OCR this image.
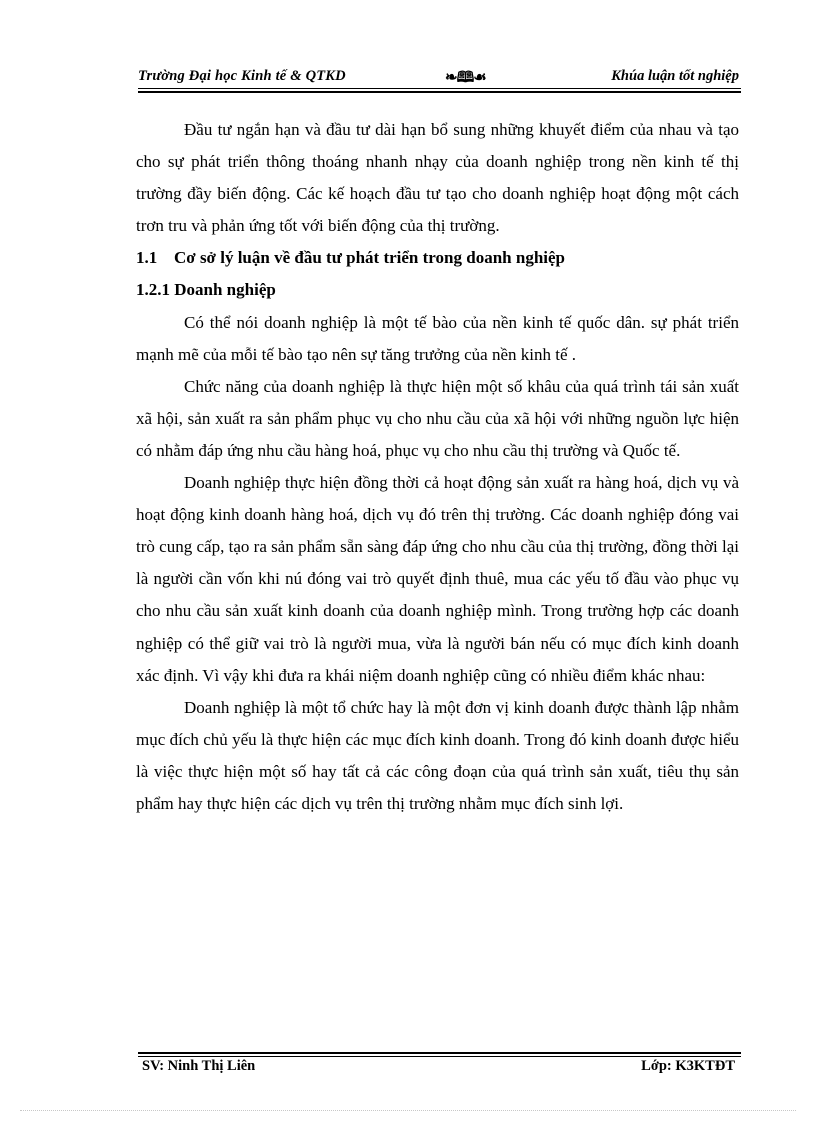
Trường Đại học Kinh tế & QTKD	❧🕮☙	Khúa luận tốt nghiệp

Đầu tư ngắn hạn và đầu tư dài hạn bổ sung những khuyết điểm của nhau và tạo cho sự phát triển thông thoáng nhanh nhạy của doanh nghiệp trong nền kinh tế thị trường đầy biến động. Các kế hoạch đầu tư tạo cho doanh nghiệp hoạt động một cách trơn tru và phản ứng tốt với biến động của thị trường.

1.1 Cơ sở lý luận về đầu tư phát triển trong doanh nghiệp
1.2.1 Doanh nghiệp

Có thể nói doanh nghiệp là một tế bào của nền kinh tế quốc dân. sự phát triển mạnh mẽ của mỗi tế bào tạo nên sự tăng trưởng của nền kinh tế .

Chức năng của doanh nghiệp là thực hiện một số khâu của quá trình tái sản xuất xã hội, sản xuất ra sản phẩm phục vụ cho nhu cầu của xã hội với những nguồn lực hiện có nhằm đáp ứng nhu cầu hàng hoá, phục vụ cho nhu cầu thị trường và Quốc tế.

Doanh nghiệp thực hiện đồng thời cả hoạt động sản xuất ra hàng hoá, dịch vụ và hoạt động kinh doanh hàng hoá, dịch vụ đó trên thị trường. Các doanh nghiệp đóng vai trò cung cấp, tạo ra sản phẩm sẵn sàng đáp ứng cho nhu cầu của thị trường, đồng thời lại là người cần vốn khi nú đóng vai trò quyết định thuê, mua các yếu tố đầu vào phục vụ cho nhu cầu sản xuất kinh doanh của doanh nghiệp mình. Trong trường hợp các doanh nghiệp có thể giữ vai trò là người mua, vừa là người bán nếu có mục đích kinh doanh xác định. Vì vậy khi đưa ra khái niệm doanh nghiệp cũng có nhiều điểm khác nhau:

Doanh nghiệp là một tổ chức hay là một đơn vị kinh doanh được thành lập nhằm mục đích chủ yếu là thực hiện các mục đích kinh doanh. Trong đó kinh doanh được hiểu là việc thực hiện một số hay tất cả các công đoạn của quá trình sản xuất, tiêu thụ sản phẩm hay thực hiện các dịch vụ trên thị trường nhằm mục đích sinh lợi.

SV: Ninh Thị Liên	Lớp: K3KTĐT
